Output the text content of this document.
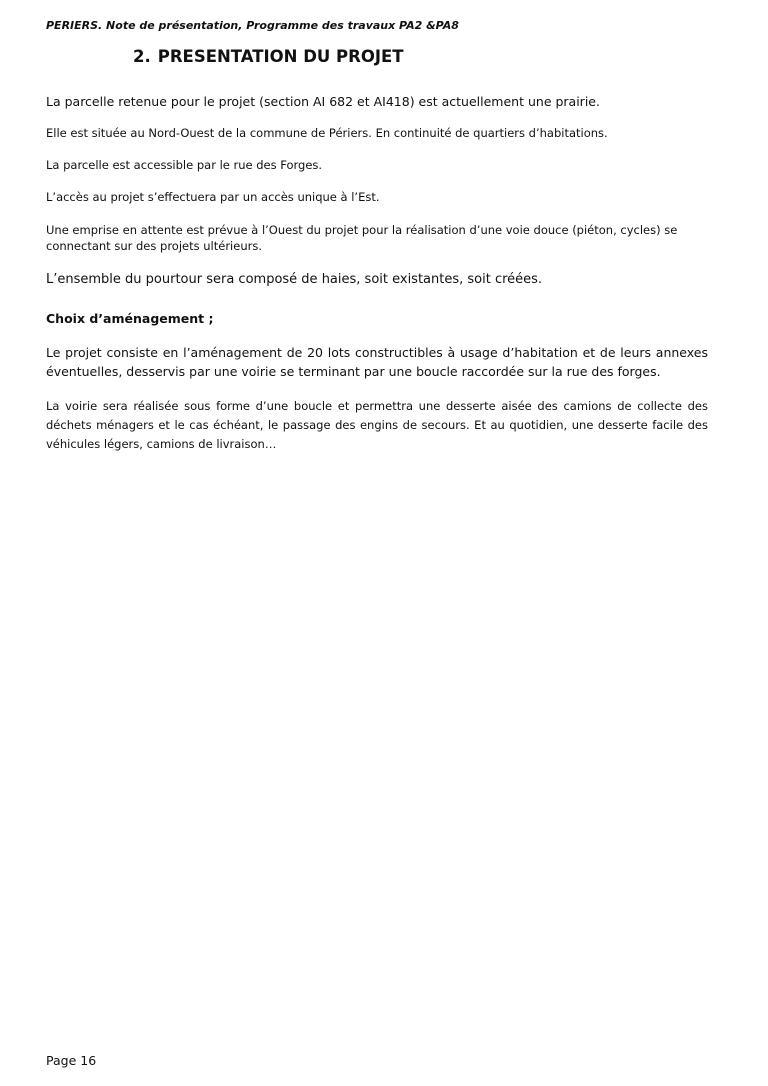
PERIERS. Note de présentation, Programme des travaux PA2 &PA8
2. PRESENTATION DU PROJET

La parcelle retenue pour le projet (section AI 682 et AI418) est actuellement une prairie.

Elle est située au Nord-Ouest de la commune de Périers. En continuité de quartiers d’habitations.

La parcelle est accessible par le rue des Forges.

L’accès au projet s’effectuera par un accès unique à l’Est.

Une emprise en attente est prévue à l’Ouest du projet pour la réalisation d’une voie douce (piéton, cycles) se connectant sur des projets ultérieurs.

L’ensemble du pourtour sera composé de haies, soit existantes, soit créées.

Choix d’aménagement ;

Le projet consiste en l’aménagement de 20 lots constructibles à usage d’habitation et de leurs annexes éventuelles, desservis par une voirie se terminant par une boucle raccordée sur la rue des forges.

La voirie sera réalisée sous forme d’une boucle et permettra une desserte aisée des camions de collecte des déchets ménagers et le cas échéant, le passage des engins de secours. Et au quotidien, une desserte facile des véhicules légers, camions de livraison…

Page 16
